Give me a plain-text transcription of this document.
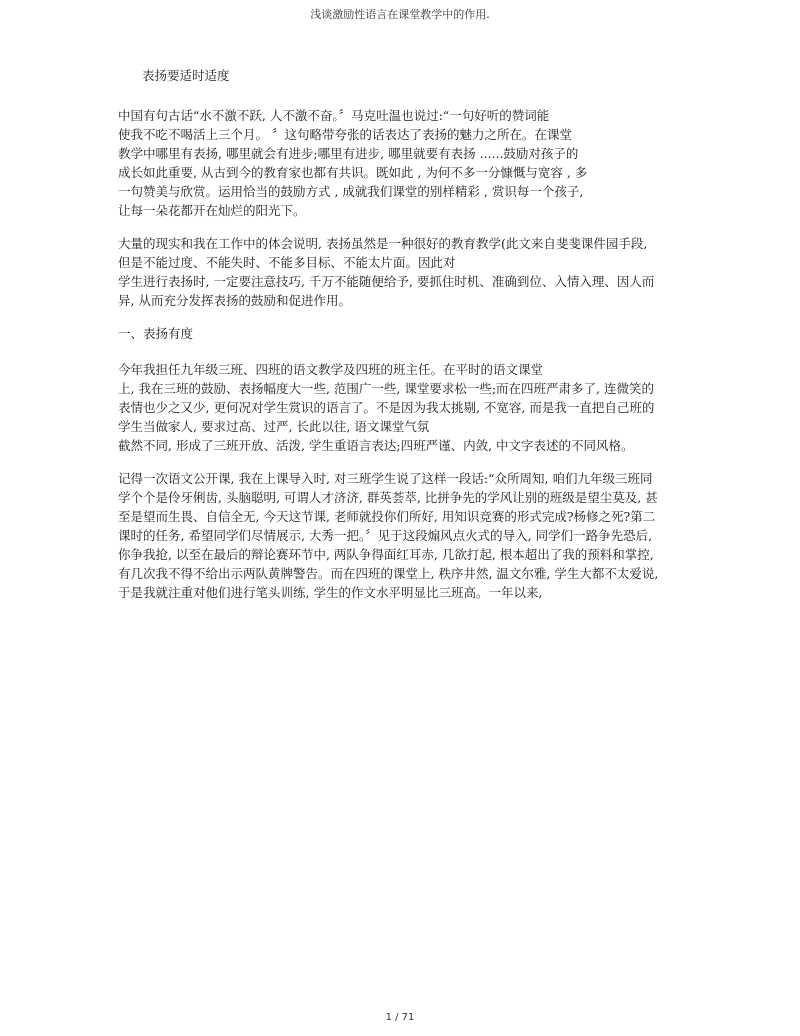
浅谈激励性语言在课堂教学中的作用.
表扬要适时适度
中国有句古话“水不激不跃, 人不激不奋。〞马克吐温也说过:“一句好听的赞词能
使我不吃不喝活上三个月。 〞这句略带夸张的话表达了表扬的魅力之所在。在课堂
教学中哪里有表扬, 哪里就会有进步;哪里有进步, 哪里就要有表扬 ......鼓励对孩子的
成长如此重要, 从古到今的教育家也都有共识。既如此 , 为何不多一分慷慨与宽容 , 多
一句赞美与欣赏。运用恰当的鼓励方式 , 成就我们课堂的别样精彩 , 赏识每一个孩子,
让每一朵花都开在灿烂的阳光下。
大量的现实和我在工作中的体会说明, 表扬虽然是一种很好的教育教学(此文来自斐斐课件园手段,
但是不能过度、不能失时、不能多目标、不能太片面。因此对
学生进行表扬时, 一定要注意技巧, 千万不能随便给予, 要抓住时机、准确到位、入情入理、因人而
异, 从而充分发挥表扬的鼓励和促进作用。
一、表扬有度
今年我担任九年级三班、四班的语文教学及四班的班主任。在平时的语文课堂
上, 我在三班的鼓励、表扬幅度大一些, 范围广一些, 课堂要求松一些;而在四班严肃多了, 连微笑的
表情也少之又少, 更何况对学生赏识的语言了。不是因为我太挑剔, 不宽容, 而是我一直把自己班的
学生当做家人, 要求过高、过严, 长此以往, 语文课堂气氛
截然不同, 形成了三班开放、活泼, 学生重语言表达;四班严谨、内敛, 中文字表述的不同风格。
记得一次语文公开课, 我在上课导入时, 对三班学生说了这样一段话:“众所周知, 咱们九年级三班同
学个个是伶牙俐齿, 头脑聪明, 可谓人才济济, 群英荟萃, 比拼争先的学风让别的班级是望尘莫及, 甚
至是望而生畏、自信全无, 今天这节课, 老师就投你们所好, 用知识竞赛的形式完成?杨修之死?第二
课时的任务, 希望同学们尽情展示, 大秀一把。〞见于这段煽风点火式的导入, 同学们一路争先恐后,
你争我抢, 以至在最后的辩论赛环节中, 两队争得面红耳赤, 几欲打起, 根本超出了我的预料和掌控,
有几次我不得不给出示两队黄牌警告。而在四班的课堂上, 秩序井然, 温文尔雅, 学生大都不太爱说,
于是我就注重对他们进行笔头训练, 学生的作文水平明显比三班高。一年以来,
1 / 71
